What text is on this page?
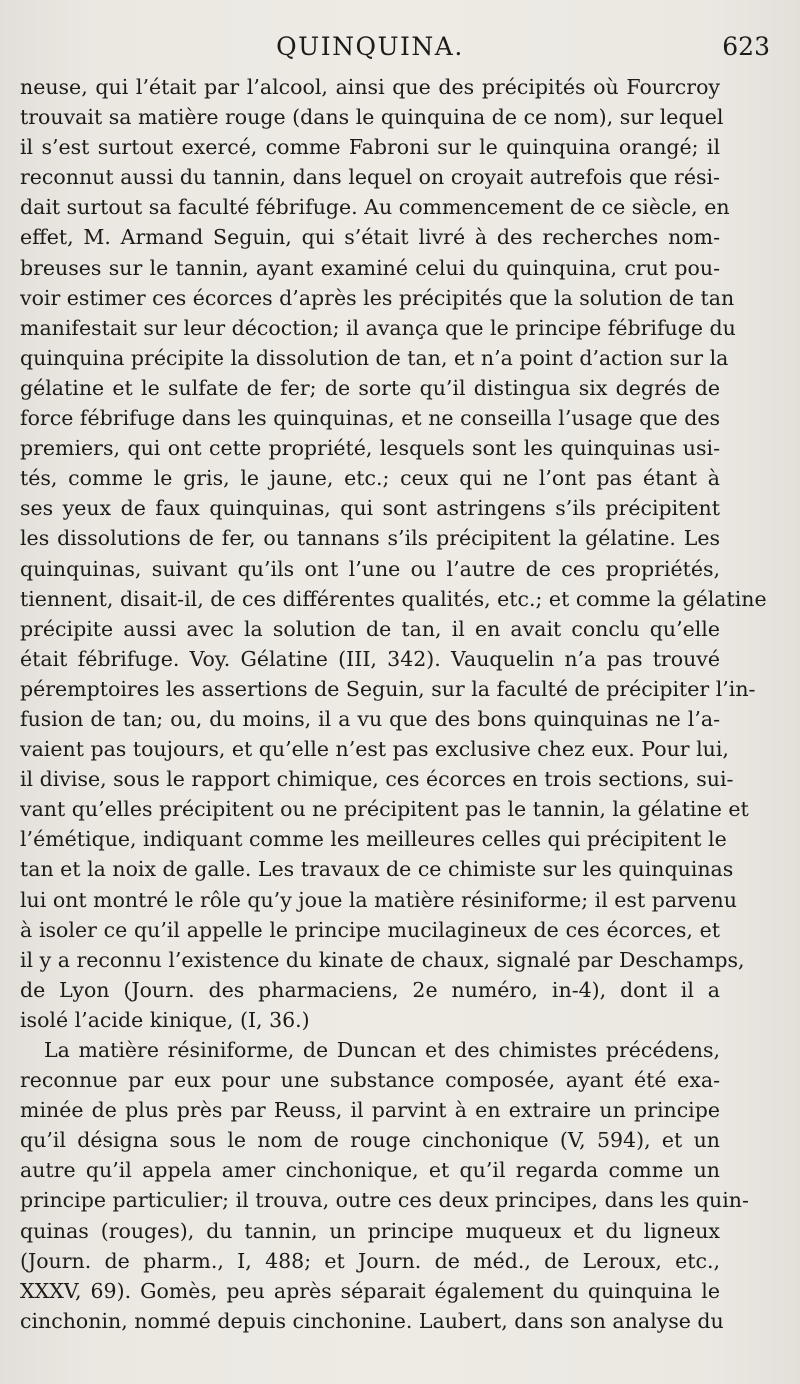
QUINQUINA.	623
neuse, qui l’était par l’alcool, ainsi que des précipités où Fourcroy
trouvait sa matière rouge (dans le quinquina de ce nom), sur lequel
il s’est surtout exercé, comme Fabroni sur le quinquina orangé; il
reconnut aussi du tannin, dans lequel on croyait autrefois que rési-
dait surtout sa faculté fébrifuge. Au commencement de ce siècle, en
effet, M. Armand Seguin, qui s’était livré à des recherches nom-
breuses sur le tannin, ayant examiné celui du quinquina, crut pou-
voir estimer ces écorces d’après les précipités que la solution de tan
manifestait sur leur décoction; il avança que le principe fébrifuge du
quinquina précipite la dissolution de tan, et n’a point d’action sur la
gélatine et le sulfate de fer; de sorte qu’il distingua six degrés de
force fébrifuge dans les quinquinas, et ne conseilla l’usage que des
premiers, qui ont cette propriété, lesquels sont les quinquinas usi-
tés, comme le gris, le jaune, etc.; ceux qui ne l’ont pas étant à
ses yeux de faux quinquinas, qui sont astringens s’ils précipitent
les dissolutions de fer, ou tannans s’ils précipitent la gélatine. Les
quinquinas, suivant qu’ils ont l’une ou l’autre de ces propriétés,
tiennent, disait-il, de ces différentes qualités, etc.; et comme la gélatine
précipite aussi avec la solution de tan, il en avait conclu qu’elle
était fébrifuge. Voy. Gélatine (III, 342). Vauquelin n’a pas trouvé
péremptoires les assertions de Seguin, sur la faculté de précipiter l’in-
fusion de tan; ou, du moins, il a vu que des bons quinquinas ne l’a-
vaient pas toujours, et qu’elle n’est pas exclusive chez eux. Pour lui,
il divise, sous le rapport chimique, ces écorces en trois sections, sui-
vant qu’elles précipitent ou ne précipitent pas le tannin, la gélatine et
l’émétique, indiquant comme les meilleures celles qui précipitent le
tan et la noix de galle. Les travaux de ce chimiste sur les quinquinas
lui ont montré le rôle qu’y joue la matière résiniforme; il est parvenu
à isoler ce qu’il appelle le principe mucilagineux de ces écorces, et
il y a reconnu l’existence du kinate de chaux, signalé par Deschamps,
de Lyon (Journ. des pharmaciens, 2e numéro, in-4), dont il a
isolé l’acide kinique, (I, 36.)
La matière résiniforme, de Duncan et des chimistes précédens,
reconnue par eux pour une substance composée, ayant été exa-
minée de plus près par Reuss, il parvint à en extraire un principe
qu’il désigna sous le nom de rouge cinchonique (V, 594), et un
autre qu’il appela amer cinchonique, et qu’il regarda comme un
principe particulier; il trouva, outre ces deux principes, dans les quin-
quinas (rouges), du tannin, un principe muqueux et du ligneux
(Journ. de pharm., I, 488; et Journ. de méd., de Leroux, etc.,
XXXV, 69). Gomès, peu après séparait également du quinquina le
cinchonin, nommé depuis cinchonine. Laubert, dans son analyse du
